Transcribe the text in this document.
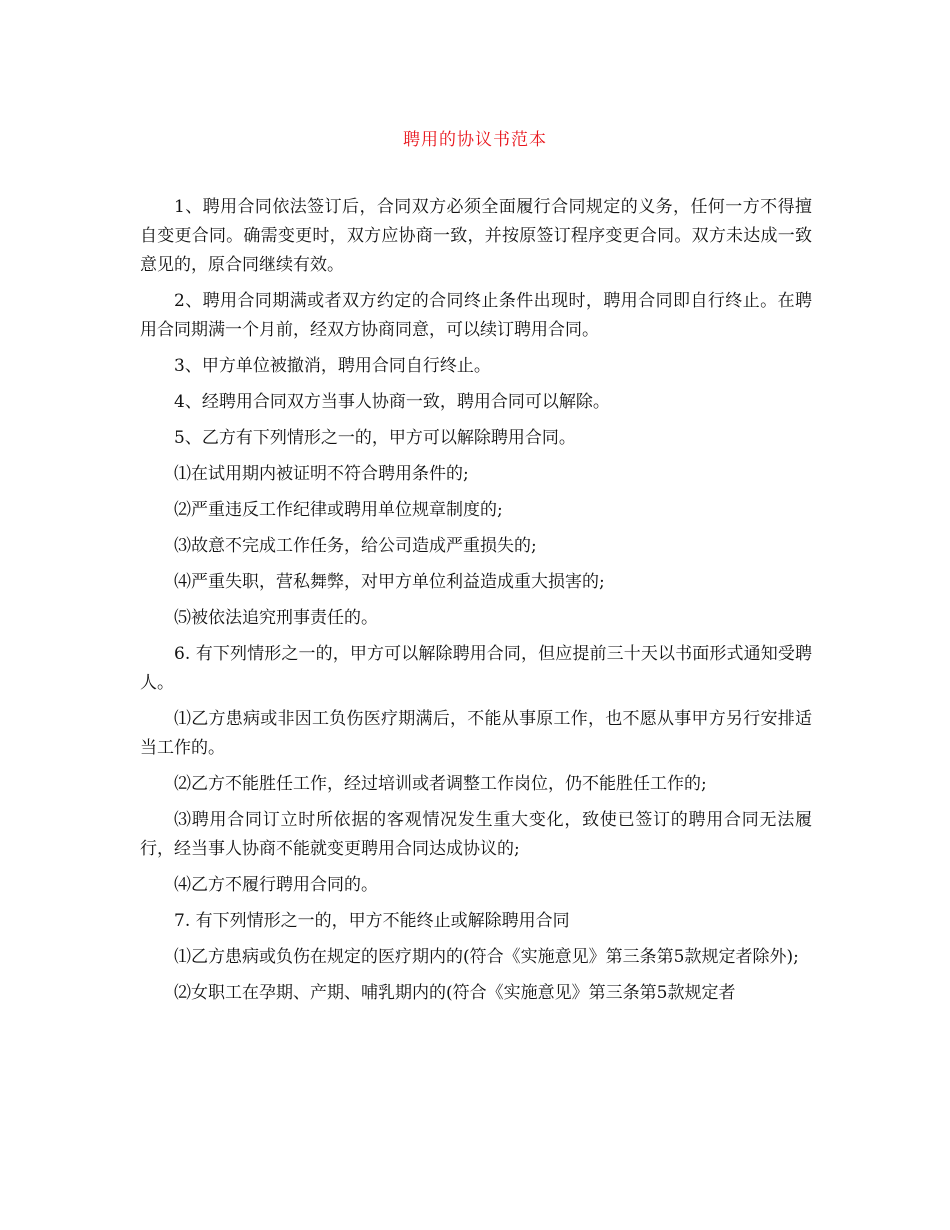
聘用的协议书范本

1、聘用合同依法签订后，合同双方必须全面履行合同规定的义务，任何一方不得擅自变更合同。确需变更时，双方应协商一致，并按原签订程序变更合同。双方未达成一致意见的，原合同继续有效。

2、聘用合同期满或者双方约定的合同终止条件出现时，聘用合同即自行终止。在聘用合同期满一个月前，经双方协商同意，可以续订聘用合同。

3、甲方单位被撤消，聘用合同自行终止。

4、经聘用合同双方当事人协商一致，聘用合同可以解除。

5、乙方有下列情形之一的，甲方可以解除聘用合同。

⑴在试用期内被证明不符合聘用条件的;

⑵严重违反工作纪律或聘用单位规章制度的;

⑶故意不完成工作任务，给公司造成严重损失的;

⑷严重失职，营私舞弊，对甲方单位利益造成重大损害的;

⑸被依法追究刑事责任的。

6. 有下列情形之一的，甲方可以解除聘用合同，但应提前三十天以书面形式通知受聘人。

⑴乙方患病或非因工负伤医疗期满后，不能从事原工作，也不愿从事甲方另行安排适当工作的。

⑵乙方不能胜任工作，经过培训或者调整工作岗位，仍不能胜任工作的;

⑶聘用合同订立时所依据的客观情况发生重大变化，致使已签订的聘用合同无法履行，经当事人协商不能就变更聘用合同达成协议的;

⑷乙方不履行聘用合同的。

7. 有下列情形之一的，甲方不能终止或解除聘用合同

⑴乙方患病或负伤在规定的医疗期内的(符合《实施意见》第三条第5款规定者除外);

⑵女职工在孕期、产期、哺乳期内的(符合《实施意见》第三条第5款规定者
